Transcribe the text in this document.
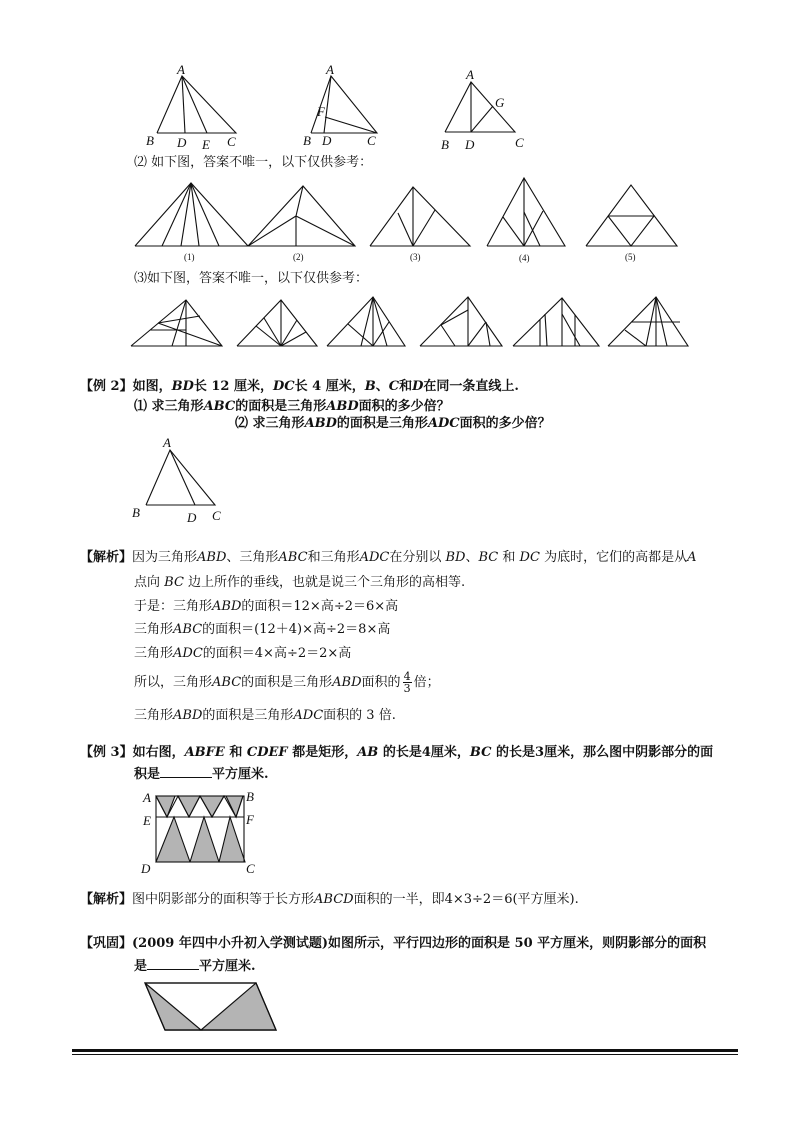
A
B D E C
A
F
B D	C
A
G
B D	C
⑵ 如下图，答案不唯一，以下仅供参考：
(1)	(2)	(3)	(4)	(5)
⑶如下图，答案不唯一，以下仅供参考：
【例 2】如图，BD长 12 厘米，DC长 4 厘米，B、C和D在同一条直线上.
⑴ 求三角形ABC的面积是三角形ABD面积的多少倍？
⑵ 求三角形ABD的面积是三角形ADC面积的多少倍？
A
B	D C
【解析】因为三角形ABD、三角形ABC和三角形ADC在分别以 BD、BC 和 DC 为底时，它们的高都是从A
点向 BC 边上所作的垂线，也就是说三个三角形的高相等.
于是：三角形ABD的面积＝12×高÷2＝6×高
三角形ABC的面积＝(12＋4)×高÷2＝8×高
三角形ADC的面积＝4×高÷2＝2×高
所以，三角形ABC的面积是三角形ABD面积的 $\frac{4}{3}$ 倍；
三角形ABD的面积是三角形ADC面积的 3 倍.
【例 3】如右图，ABFE 和 CDEF 都是矩形，AB 的长是4厘米，BC 的长是3厘米，那么图中阴影部分的面
积是	平方厘米.
A	B
E	F
D	C
【解析】图中阴影部分的面积等于长方形ABCD面积的一半，即4×3÷2＝6(平方厘米).
【巩固】(2009 年四中小升初入学测试题)如图所示，平行四边形的面积是 50 平方厘米，则阴影部分的面积
是	平方厘米.
